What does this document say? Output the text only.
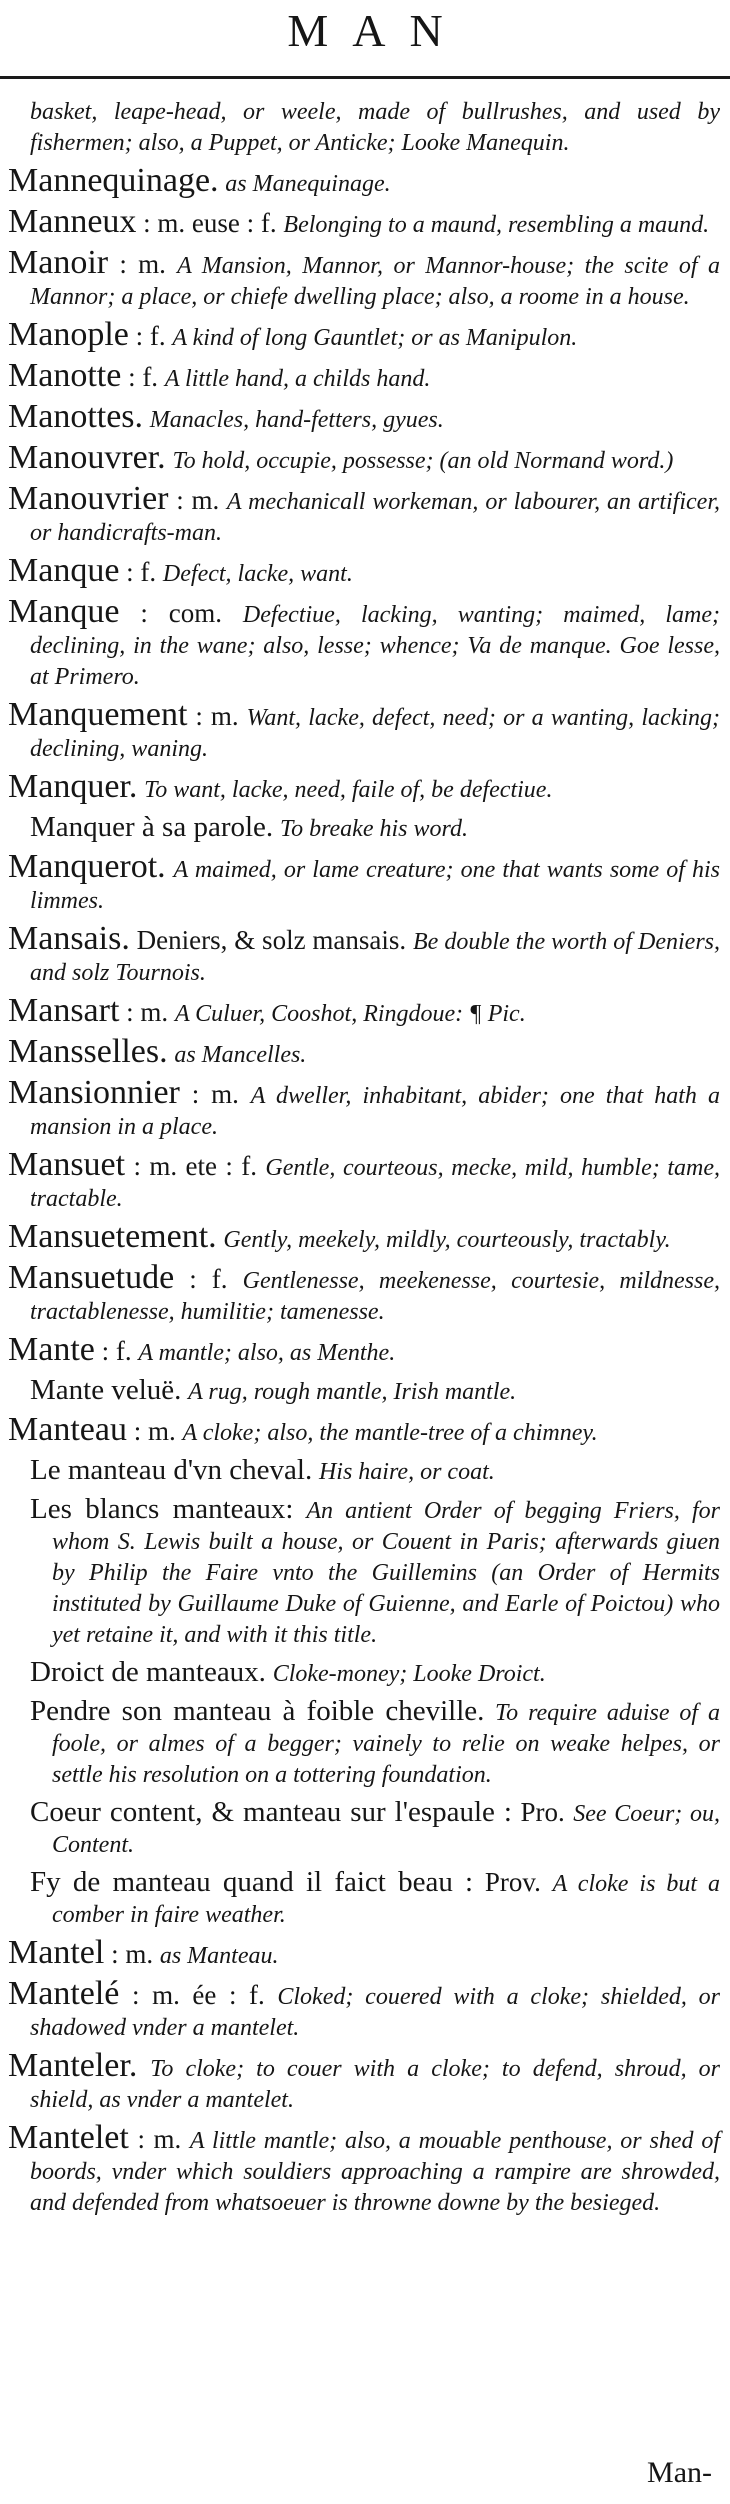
MAN
basket, leape-head, or weele, made of bullrushes, and used by fishermen; also, a Puppet, or Anticke; Looke Manequin.
Mannequinage. as Manequinage.
Manneux : m. euse : f. Belonging to a maund, resembling a maund.
Manoir : m. A Mansion, Mannor, or Mannor-house; the scite of a Mannor; a place, or chiefe dwelling place; also, a roome in a house.
Manople : f. A kind of long Gauntlet; or as Manipulon.
Manotte : f. A little hand, a childs hand.
Manottes. Manacles, hand-fetters, gyues.
Manouvrer. To hold, occupie, possesse; (an old Normand word.)
Manouvrier : m. A mechanicall workeman, or labourer, an artificer, or handicrafts-man.
Manque : f. Defect, lacke, want.
Manque : com. Defectiue, lacking, wanting; maimed, lame; declining, in the wane; also, lesse; whence; Va de manque. Goe lesse, at Primero.
Manquement : m. Want, lacke, defect, need; or a wanting, lacking; declining, waning.
Manquer. To want, lacke, need, faile of, be defectiue.
Manquer à sa parole. To breake his word.
Manquerot. A maimed, or lame creature; one that wants some of his limmes.
Mansais. Deniers, & solz mansais. Be double the worth of Deniers, and solz Tournois.
Mansart : m. A Culuer, Cooshot, Ringdoue: ¶ Pic.
Mansselles. as Mancelles.
Mansionnier : m. A dweller, inhabitant, abider; one that hath a mansion in a place.
Mansuet : m. ete : f. Gentle, courteous, mecke, mild, humble; tame, tractable.
Mansuetement. Gently, meekely, mildly, courteously, tractably.
Mansuetude : f. Gentlenesse, meekenesse, courtesie, mildnesse, tractablenesse, humilitie; tamenesse.
Mante : f. A mantle; also, as Menthe.
Mante veluë. A rug, rough mantle, Irish mantle.
Manteau : m. A cloke; also, the mantle-tree of a chimney.
Le manteau d'vn cheval. His haire, or coat.
Les blancs manteaux: An antient Order of begging Friers, for whom S. Lewis built a house, or Couent in Paris; afterwards giuen by Philip the Faire vnto the Guillemins (an Order of Hermits instituted by Guillaume Duke of Guienne, and Earle of Poictou) who yet retaine it, and with it this title.
Droict de manteaux. Cloke-money; Looke Droict.
Pendre son manteau à foible cheville. To require aduise of a foole, or almes of a begger; vainely to relie on weake helpes, or settle his resolution on a tottering foundation.
Coeur content, & manteau sur l'espaule : Pro. See Coeur; ou, Content.
Fy de manteau quand il faict beau : Prov. A cloke is but a comber in faire weather.
Mantel : m. as Manteau.
Mantelé : m. ée : f. Cloked; couered with a cloke; shielded, or shadowed vnder a mantelet.
Manteler. To cloke; to couer with a cloke; to defend, shroud, or shield, as vnder a mantelet.
Mantelet : m. A little mantle; also, a mouable penthouse, or shed of boords, vnder which souldiers approaching a rampire are shrowded, and defended from whatsoeuer is throwne downe by the besieged.
Man-
